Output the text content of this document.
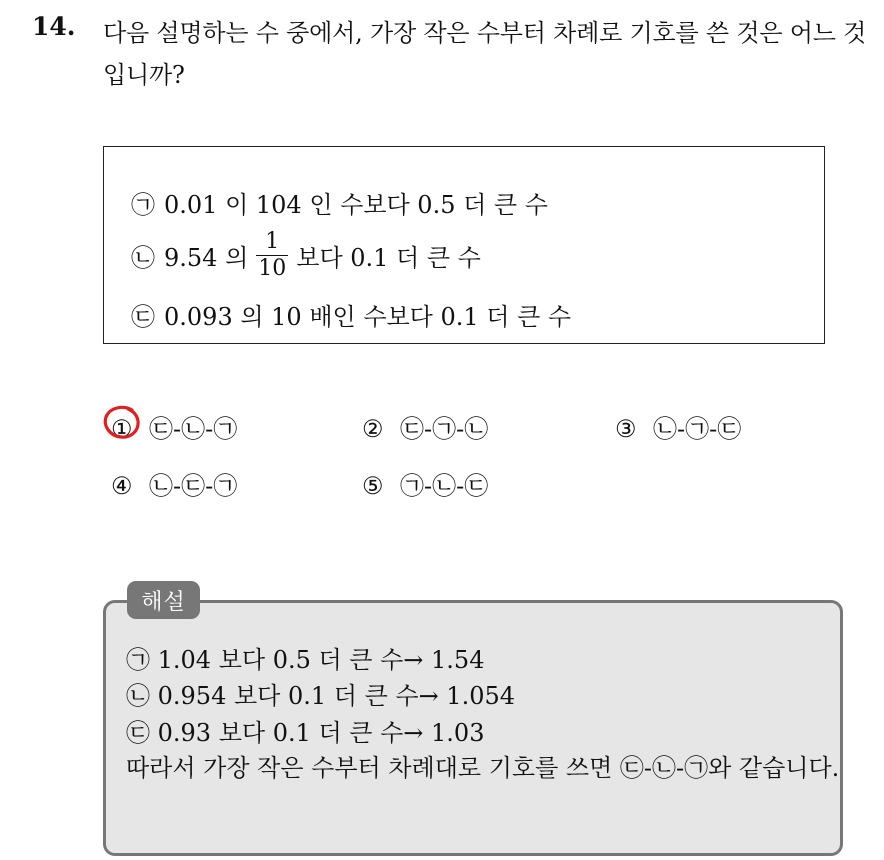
14. 다음 설명하는 수 중에서, 가장 작은 수부터 차례로 기호를 쓴 것은 어느 것입니까?
㉠ 0.01 이 104 인 수보다 0.5 더 큰 수
㉡ 9.54 의 $\frac{1}{10}$ 보다 0.1 더 큰 수
㉢ 0.093 의 10 배인 수보다 0.1 더 큰 수
① ㉢-㉡-㉠	② ㉢-㉠-㉡	③ ㉡-㉠-㉢
④ ㉡-㉢-㉠	⑤ ㉠-㉡-㉢
해설
㉠ 1.04 보다 0.5 더 큰 수→ 1.54
㉡ 0.954 보다 0.1 더 큰 수→ 1.054
㉢ 0.93 보다 0.1 더 큰 수→ 1.03
따라서 가장 작은 수부터 차례대로 기호를 쓰면 ㉢-㉡-㉠와 같습니다.
